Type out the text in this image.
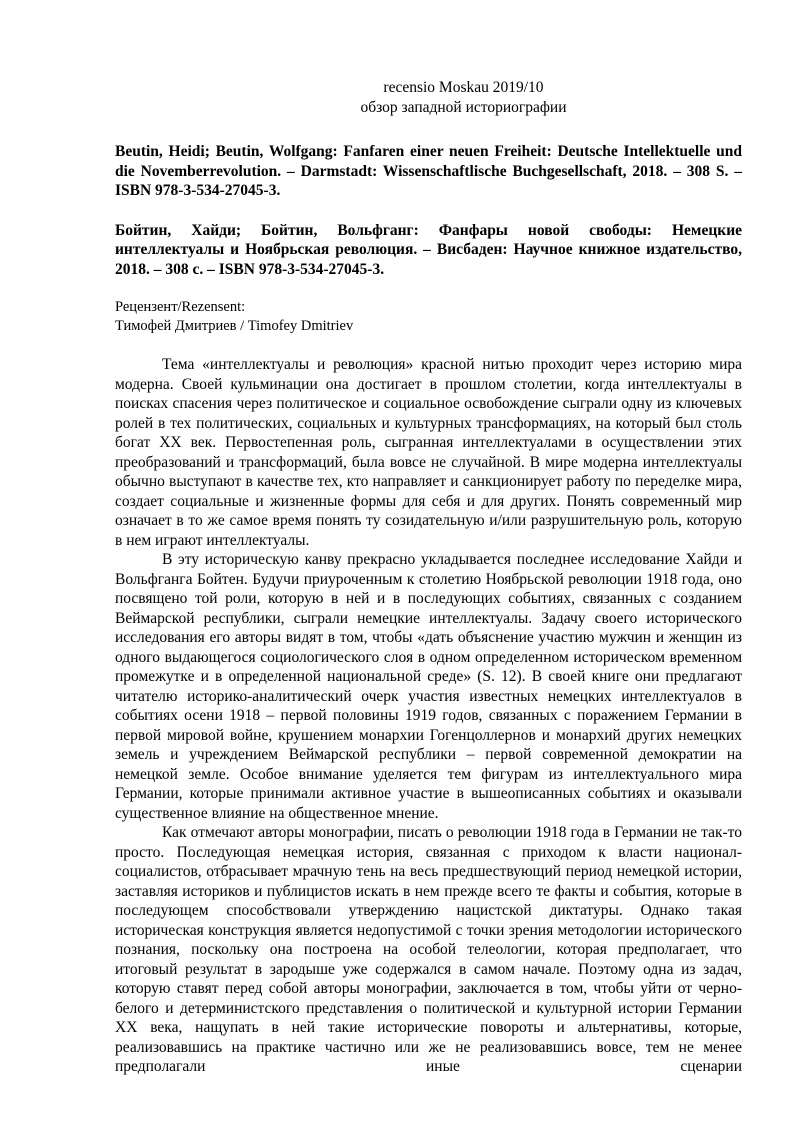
recensio Moskau 2019/10
обзор западной историографии

Beutin, Heidi; Beutin, Wolfgang: Fanfaren einer neuen Freiheit: Deutsche Intellektuelle und die Novemberrevolution. – Darmstadt: Wissenschaftlische Buchgesellschaft, 2018. – 308 S. – ISBN 978-3-534-27045-3.

Бойтин, Хайди; Бойтин, Вольфганг: Фанфары новой свободы: Немецкие интеллектуалы и Ноябрьская революция. – Висбаден: Научное книжное издательство, 2018. – 308 с. – ISBN 978-3-534-27045-3.

Рецензент/Rezensent:
Тимофей Дмитриев / Timofey Dmitriev

Тема «интеллектуалы и революция» красной нитью проходит через историю мира модерна. Своей кульминации она достигает в прошлом столетии, когда интеллектуалы в поисках спасения через политическое и социальное освобождение сыграли одну из ключевых ролей в тех политических, социальных и культурных трансформациях, на который был столь богат ХХ век. Первостепенная роль, сыгранная интеллектуалами в осуществлении этих преобразований и трансформаций, была вовсе не случайной. В мире модерна интеллектуалы обычно выступают в качестве тех, кто направляет и санкционирует работу по переделке мира, создает социальные и жизненные формы для себя и для других. Понять современный мир означает в то же самое время понять ту созидательную и/или разрушительную роль, которую в нем играют интеллектуалы.

В эту историческую канву прекрасно укладывается последнее исследование Хайди и Вольфганга Бойтен. Будучи приуроченным к столетию Ноябрьской революции 1918 года, оно посвящено той роли, которую в ней и в последующих событиях, связанных с созданием Веймарской республики, сыграли немецкие интеллектуалы. Задачу своего исторического исследования его авторы видят в том, чтобы «дать объяснение участию мужчин и женщин из одного выдающегося социологического слоя в одном определенном историческом временном промежутке и в определенной национальной среде» (S. 12). В своей книге они предлагают читателю историко-аналитический очерк участия известных немецких интеллектуалов в событиях осени 1918 – первой половины 1919 годов, связанных с поражением Германии в первой мировой войне, крушением монархии Гогенцоллернов и монархий других немецких земель и учреждением Веймарской республики – первой современной демократии на немецкой земле. Особое внимание уделяется тем фигурам из интеллектуального мира Германии, которые принимали активное участие в вышеописанных событиях и оказывали существенное влияние на общественное мнение.

Как отмечают авторы монографии, писать о революции 1918 года в Германии не так-то просто. Последующая немецкая история, связанная с приходом к власти национал-социалистов, отбрасывает мрачную тень на весь предшествующий период немецкой истории, заставляя историков и публицистов искать в нем прежде всего те факты и события, которые в последующем способствовали утверждению нацистской диктатуры. Однако такая историческая конструкция является недопустимой с точки зрения методологии исторического познания, поскольку она построена на особой телеологии, которая предполагает, что итоговый результат в зародыше уже содержался в самом начале. Поэтому одна из задач, которую ставят перед собой авторы монографии, заключается в том, чтобы уйти от черно-белого и детерминистского представления о политической и культурной истории Германии ХХ века, нащупать в ней такие исторические повороты и альтернативы, которые, реализовавшись на практике частично или же не реализовавшись вовсе, тем не менее предполагали иные сценарии
